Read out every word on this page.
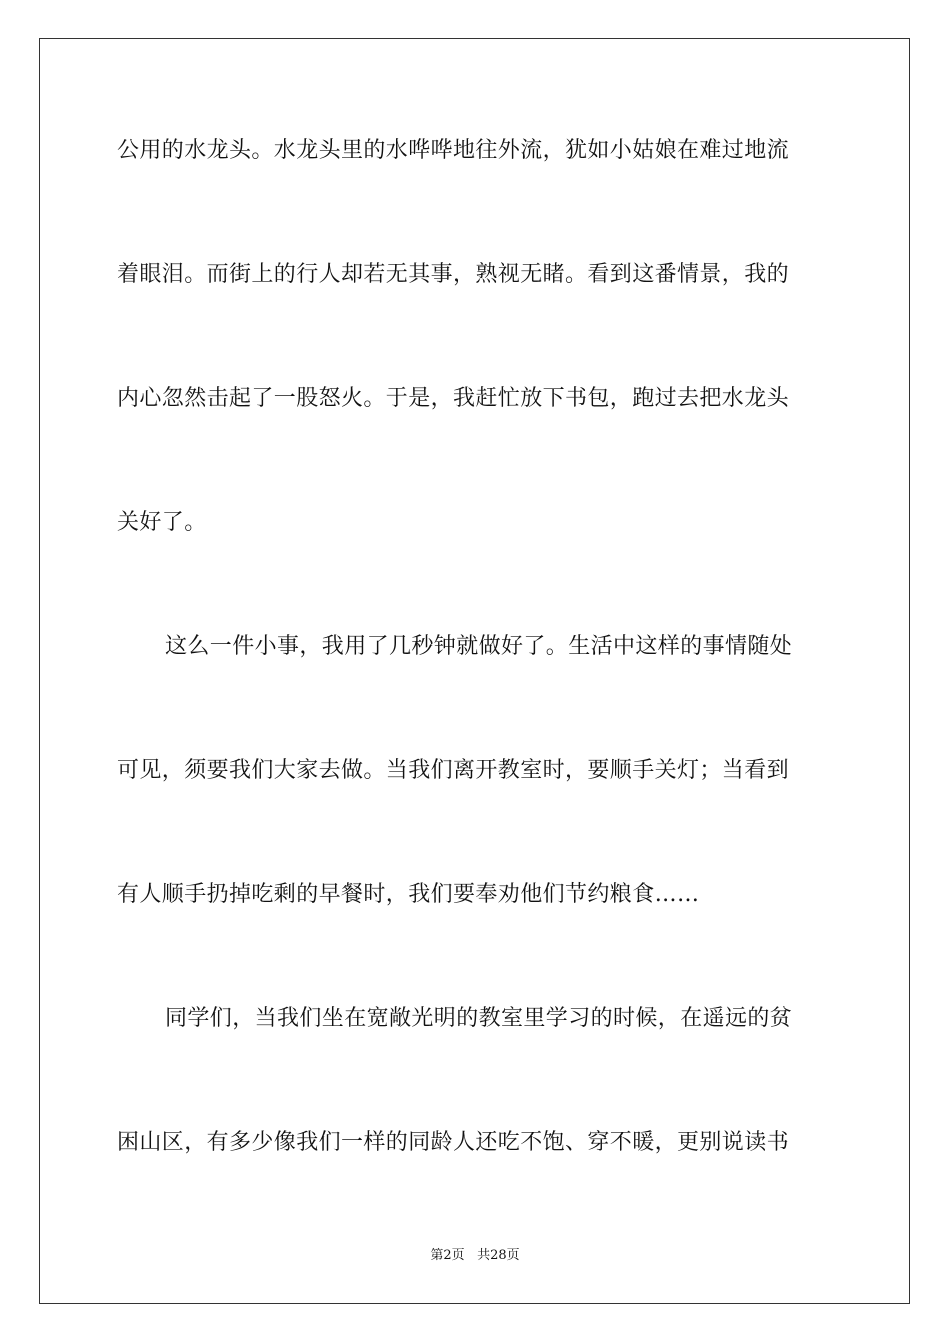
公用的水龙头。水龙头里的水哗哗地往外流，犹如小姑娘在难过地流
着眼泪。而街上的行人却若无其事，熟视无睹。看到这番情景，我的
内心忽然击起了一股怒火。于是，我赶忙放下书包，跑过去把水龙头
关好了。
这么一件小事，我用了几秒钟就做好了。生活中这样的事情随处
可见，须要我们大家去做。当我们离开教室时，要顺手关灯；当看到
有人顺手扔掉吃剩的早餐时，我们要奉劝他们节约粮食……
同学们，当我们坐在宽敞光明的教室里学习的时候，在遥远的贫
困山区，有多少像我们一样的同龄人还吃不饱、穿不暖，更别说读书
第2页 共28页
